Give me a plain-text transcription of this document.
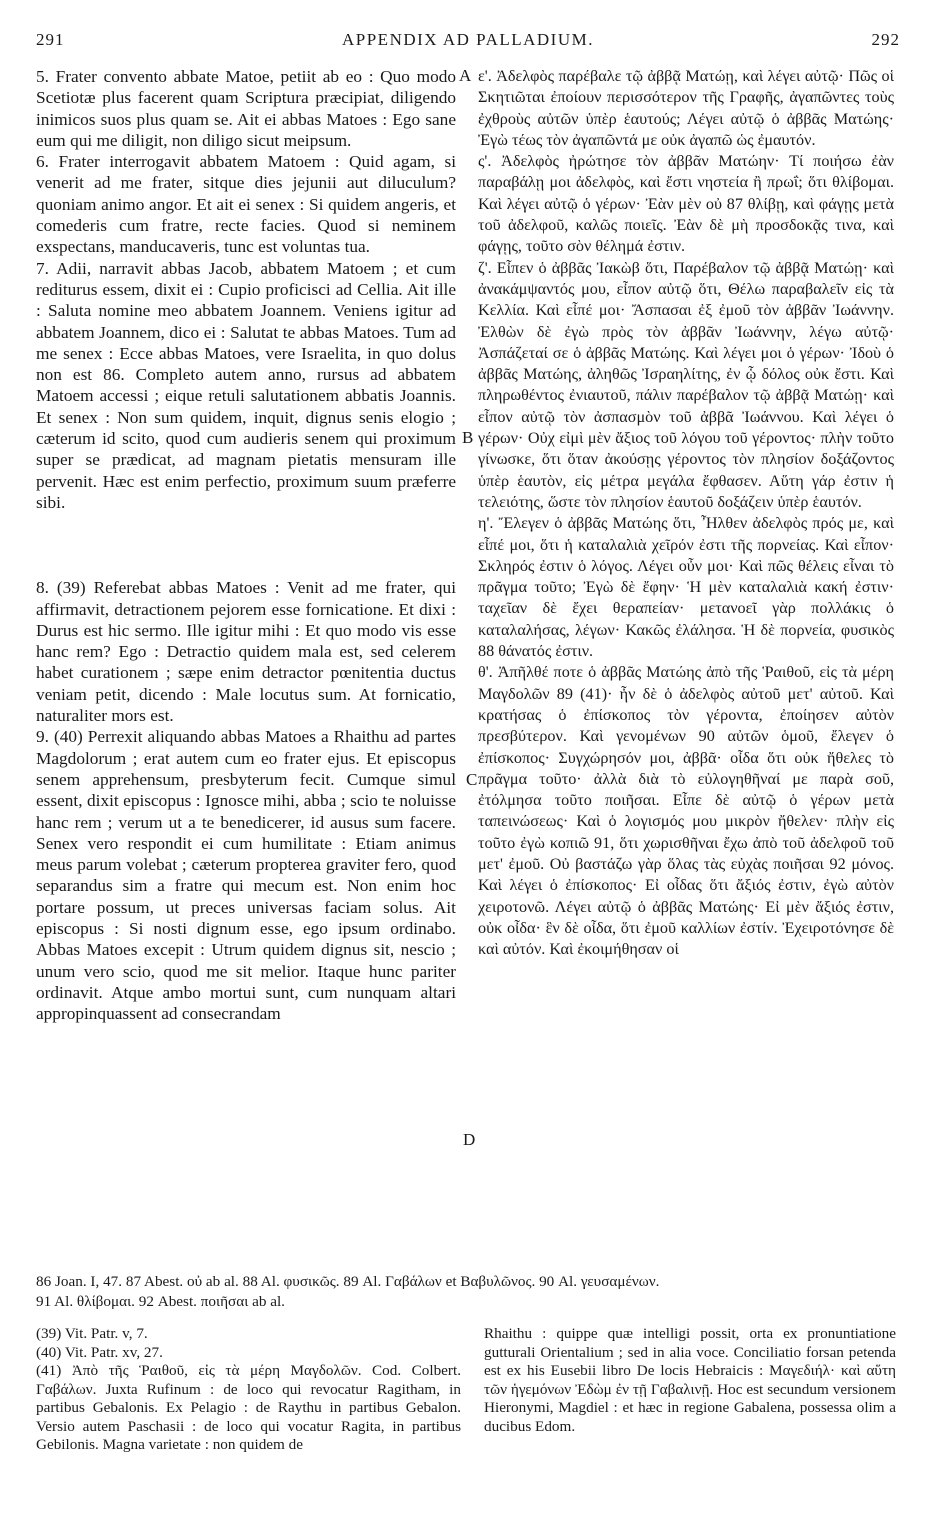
291	APPENDIX AD PALLADIUM.	292

5. Frater convento abbate Matoe, petiit ab eo : Quo modo Scetiotæ plus facerent quam Scriptura præcipiat, diligendo inimicos suos plus quam se. Ait ei abbas Matoes : Ego sane eum qui me diligit, non diligo sicut meipsum.

6. Frater interrogavit abbatem Matoem : Quid agam, si venerit ad me frater, sitque dies jejunii aut diluculum? quoniam animo angor. Et ait ei senex : Si quidem angeris, et comederis cum fratre, recte facies. Quod si neminem exspectans, manducaveris, tunc est voluntas tua.

7. Adii, narravit abbas Jacob, abbatem Matoem ; et cum rediturus essem, dixit ei : Cupio proficisci ad Cellia. Ait ille : Saluta nomine meo abbatem Joannem. Veniens igitur ad abbatem Joannem, dico ei : Salutat te abbas Matoes. Tum ad me senex : Ecce abbas Matoes, vere Israelita, in quo dolus non est 86. Completo autem anno, rursus ad abbatem Matoem accessi ; eique retuli salutationem abbatis Joannis. Et senex : Non sum quidem, inquit, dignus senis elogio ; cæterum id scito, quod cum audieris senem qui proximum super se prædicat, ad magnam pietatis mensuram ille pervenit. Hæc est enim perfectio, proximum suum præferre sibi.

8. (39) Referebat abbas Matoes : Venit ad me frater, qui affirmavit, detractionem pejorem esse fornicatione. Et dixi : Durus est hic sermo. Ille igitur mihi : Et quo modo vis esse hanc rem? Ego : Detractio quidem mala est, sed celerem habet curationem ; sæpe enim detractor pœnitentia ductus veniam petit, dicendo : Male locutus sum. At fornicatio, naturaliter mors est.

9. (40) Perrexit aliquando abbas Matoes a Rhaithu ad partes Magdolorum ; erat autem cum eo frater ejus. Et episcopus senem apprehensum, presbyterum fecit. Cumque simul essent, dixit episcopus : Ignosce mihi, abba ; scio te noluisse hanc rem ; verum ut a te benedicerer, id ausus sum facere. Senex vero respondit ei cum humilitate : Etiam animus meus parum volebat ; cæterum propterea graviter fero, quod separandus sim a fratre qui mecum est. Non enim hoc portare possum, ut preces universas faciam solus. Ait episcopus : Si nosti dignum esse, ego ipsum ordinabo. Abbas Matoes excepit : Utrum quidem dignus sit, nescio ; unum vero scio, quod me sit melior. Itaque hunc pariter ordinavit. Atque ambo mortui sunt, cum nunquam altari appropinquassent ad consecrandam

ε'. Ἀδελφὸς παρέβαλε τῷ ἀββᾷ Ματώῃ, καὶ λέγει αὐτῷ· Πῶς οἱ Σκητιῶται ἐποίουν περισσότερον τῆς Γραφῆς, ἀγαπῶντες τοὺς ἐχθροὺς αὐτῶν ὑπὲρ ἑαυτούς; Λέγει αὐτῷ ὁ ἀββᾶς Ματώης· Ἐγὼ τέως τὸν ἀγαπῶντά με οὐκ ἀγαπῶ ὡς ἐμαυτόν.

ς'. Ἀδελφὸς ἠρώτησε τὸν ἀββᾶν Ματώην· Τί ποιήσω ἐὰν παραβάλῃ μοι ἀδελφὸς, καὶ ἔστι νηστεία ἢ πρωΐ; ὅτι θλίβομαι. Καὶ λέγει αὐτῷ ὁ γέρων· Ἐὰν μὲν οὐ 87 θλίβῃ, καὶ φάγῃς μετὰ τοῦ ἀδελφοῦ, καλῶς ποιεῖς. Ἐὰν δὲ μὴ προσδοκᾷς τινα, καὶ φάγῃς, τοῦτο σὸν θέλημά ἐστιν.

ζ'. Εἶπεν ὁ ἀββᾶς Ἰακὼβ ὅτι, Παρέβαλον τῷ ἀββᾷ Ματώῃ· καὶ ἀνακάμψαντός μου, εἶπον αὐτῷ ὅτι, Θέλω παραβαλεῖν εἰς τὰ Κελλία. Καὶ εἶπέ μοι· Ἄσπασαι ἐξ ἐμοῦ τὸν ἀββᾶν Ἰωάννην. Ἐλθὼν δὲ ἐγὼ πρὸς τὸν ἀββᾶν Ἰωάννην, λέγω αὐτῷ· Ἀσπάζεταί σε ὁ ἀββᾶς Ματώης. Καὶ λέγει μοι ὁ γέρων· Ἰδοὺ ὁ ἀββᾶς Ματώης, ἀληθῶς Ἰσραηλίτης, ἐν ᾧ δόλος οὐκ ἔστι. Καὶ πληρωθέντος ἐνιαυτοῦ, πάλιν παρέβαλον τῷ ἀββᾷ Ματώῃ· καὶ εἶπον αὐτῷ τὸν ἀσπασμὸν τοῦ ἀββᾶ Ἰωάννου. Καὶ λέγει ὁ γέρων· Οὐχ εἰμὶ μὲν ἄξιος τοῦ λόγου τοῦ γέροντος· πλὴν τοῦτο γίνωσκε, ὅτι ὅταν ἀκούσῃς γέροντος τὸν πλησίον δοξάζοντος ὑπὲρ ἑαυτὸν, εἰς μέτρα μεγάλα ἔφθασεν. Αὕτη γάρ ἐστιν ἡ τελειότης, ὥστε τὸν πλησίον ἑαυτοῦ δοξάζειν ὑπὲρ ἑαυτόν.

η'. Ἔλεγεν ὁ ἀββᾶς Ματώης ὅτι, Ἦλθεν ἀδελφὸς πρός με, καὶ εἶπέ μοι, ὅτι ἡ καταλαλιὰ χεῖρόν ἐστι τῆς πορνείας. Καὶ εἶπον· Σκληρός ἐστιν ὁ λόγος. Λέγει οὖν μοι· Καὶ πῶς θέλεις εἶναι τὸ πρᾶγμα τοῦτο; Ἐγὼ δὲ ἔφην· Ἡ μὲν καταλαλιὰ κακή ἐστιν· ταχεῖαν δὲ ἔχει θεραπείαν· μετανοεῖ γὰρ πολλάκις ὁ καταλαλήσας, λέγων· Κακῶς ἐλάλησα. Ἡ δὲ πορνεία, φυσικὸς 88 θάνατός ἐστιν.

θ'. Ἀπῆλθέ ποτε ὁ ἀββᾶς Ματώης ἀπὸ τῆς Ῥαιθοῦ, εἰς τὰ μέρη Μαγδολῶν 89 (41)· ἦν δὲ ὁ ἀδελφὸς αὐτοῦ μετ' αὐτοῦ. Καὶ κρατήσας ὁ ἐπίσκοπος τὸν γέροντα, ἐποίησεν αὐτὸν πρεσβύτερον. Καὶ γενομένων 90 αὐτῶν ὁμοῦ, ἔλεγεν ὁ ἐπίσκοπος· Συγχώρησόν μοι, ἀββᾶ· οἶδα ὅτι οὐκ ἤθελες τὸ πρᾶγμα τοῦτο· ἀλλὰ διὰ τὸ εὐλογηθῆναί με παρὰ σοῦ, ἐτόλμησα τοῦτο ποιῆσαι. Εἶπε δὲ αὐτῷ ὁ γέρων μετὰ ταπεινώσεως· Καὶ ὁ λογισμός μου μικρὸν ἤθελεν· πλὴν εἰς τοῦτο ἐγὼ κοπιῶ 91, ὅτι χωρισθῆναι ἔχω ἀπὸ τοῦ ἀδελφοῦ τοῦ μετ' ἐμοῦ. Οὐ βαστάζω γὰρ ὅλας τὰς εὐχὰς ποιῆσαι 92 μόνος. Καὶ λέγει ὁ ἐπίσκοπος· Εἰ οἶδας ὅτι ἄξιός ἐστιν, ἐγὼ αὐτὸν χειροτονῶ. Λέγει αὐτῷ ὁ ἀββᾶς Ματώης· Εἰ μὲν ἄξιός ἐστιν, οὐκ οἶδα· ἓν δὲ οἶδα, ὅτι ἐμοῦ καλλίων ἐστίν. Ἐχειροτόνησε δὲ καὶ αὐτόν. Καὶ ἐκοιμήθησαν οἱ

A
B
C
D
86 Joan. I, 47. 87 Abest. οὐ ab al. 88 Al. φυσικῶς. 89 Al. Γαβάλων et Βαβυλῶνος. 90 Al. γευσαμένων.
91 Al. θλίβομαι. 92 Abest. ποιῆσαι ab al.

(39) Vit. Patr. v, 7.

(40) Vit. Patr. xv, 27.

(41) Ἀπὸ τῆς Ῥαιθοῦ, εἰς τὰ μέρη Μαγδολῶν. Cod. Colbert. Γαβάλων. Juxta Rufinum : de loco qui revocatur Ragitham, in partibus Gebalonis. Ex Pelagio : de Raythu in partibus Gebalon. Versio autem Paschasii : de loco qui vocatur Ragita, in partibus Gebilonis. Magna varietate : non quidem de

Rhaithu : quippe quæ intelligi possit, orta ex pronuntiatione gutturali Orientalium ; sed in alia voce. Conciliatio forsan petenda est ex his Eusebii libro De locis Hebraicis : Μαγεδιήλ· καὶ αὕτη τῶν ἡγεμόνων Ἐδὼμ ἐν τῇ Γαβαλινῇ. Hoc est secundum versionem Hieronymi, Magdiel : et hæc in regione Gabalena, possessa olim a ducibus Edom.
